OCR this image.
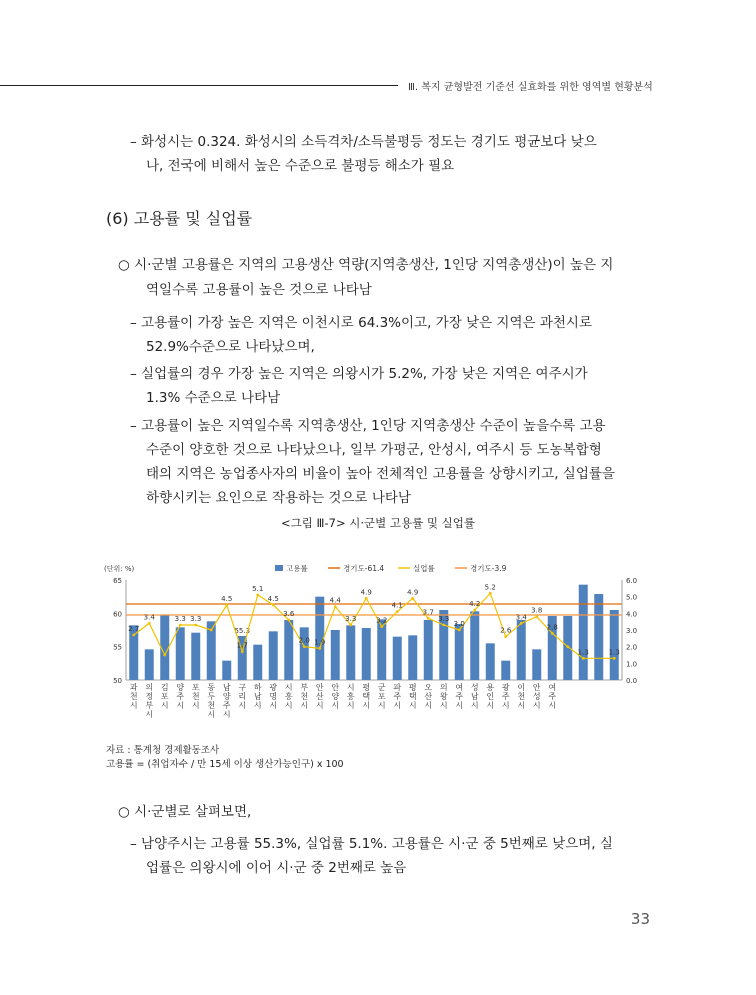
Ⅲ. 복지 균형발전 기준선 실효화를 위한 영역별 현황분석
– 화성시는 0.324. 화성시의 소득격차/소득불평등 정도는 경기도 평균보다 낮으
나, 전국에 비해서 높은 수준으로 불평등 해소가 필요
(6) 고용률 및 실업률
○ 시·군별 고용률은 지역의 고용생산 역량(지역총생산, 1인당 지역총생산)이 높은 지
역일수록 고용률이 높은 것으로 나타남
– 고용률이 가장 높은 지역은 이천시로 64.3%이고, 가장 낮은 지역은 과천시로
52.9%수준으로 나타났으며,
– 실업률의 경우 가장 높은 지역은 의왕시가 5.2%, 가장 낮은 지역은 여주시가
1.3% 수준으로 나타남
– 고용률이 높은 지역일수록 지역총생산, 1인당 지역총생산 수준이 높을수록 고용
수준이 양호한 것으로 나타났으나, 일부 가평군, 안성시, 여주시 등 도농복합형
태의 지역은 농업종사자의 비율이 높아 전체적인 고용률을 상향시키고, 실업률을
하향시키는 요인으로 작용하는 것으로 나타남
<그림 Ⅲ-7> 시·군별 고용률 및 실업률
(단위: %)	고용률	경기도-61.4	실업률	경기도-3.9
65
60
55
50
6.0
5.0
4.0
3.0
2.0
1.0
0.0
55.3
2.7
3.4	3.3 3.3
4.5
1.7
5.1
4.5
3.6
2.0 1.9
4.4
3.3
4.9
3.2
4.1
4.9
3.7
3.3
3.0
4.2
5.2
2.6
3.4
3.8
2.8
1.3	1.3
과 천 시
의 정 부 시
김 포 시
양 주 시
포 천 시
동 두 천 시
남 양 주 시
구 리 시
하 남 시
광 명 시
시 흥 시
부 천 시
안 산 시
안 양 시
시 흥 시
평 택 시
군 포 시
파 주 시
평 택 시
오 산 시
의 왕 시
여 주 시
성 남 시
용 인 시
광 주 시
이 천 시
안 성 시
여 주 시
자료 : 통계청 경제활동조사
고용률 = (취업자수 / 만 15세 이상 생산가능인구) x 100
○ 시·군별로 살펴보면,
– 남양주시는 고용률 55.3%, 실업률 5.1%. 고용률은 시·군 중 5번째로 낮으며, 실
업률은 의왕시에 이어 시·군 중 2번째로 높음
33
